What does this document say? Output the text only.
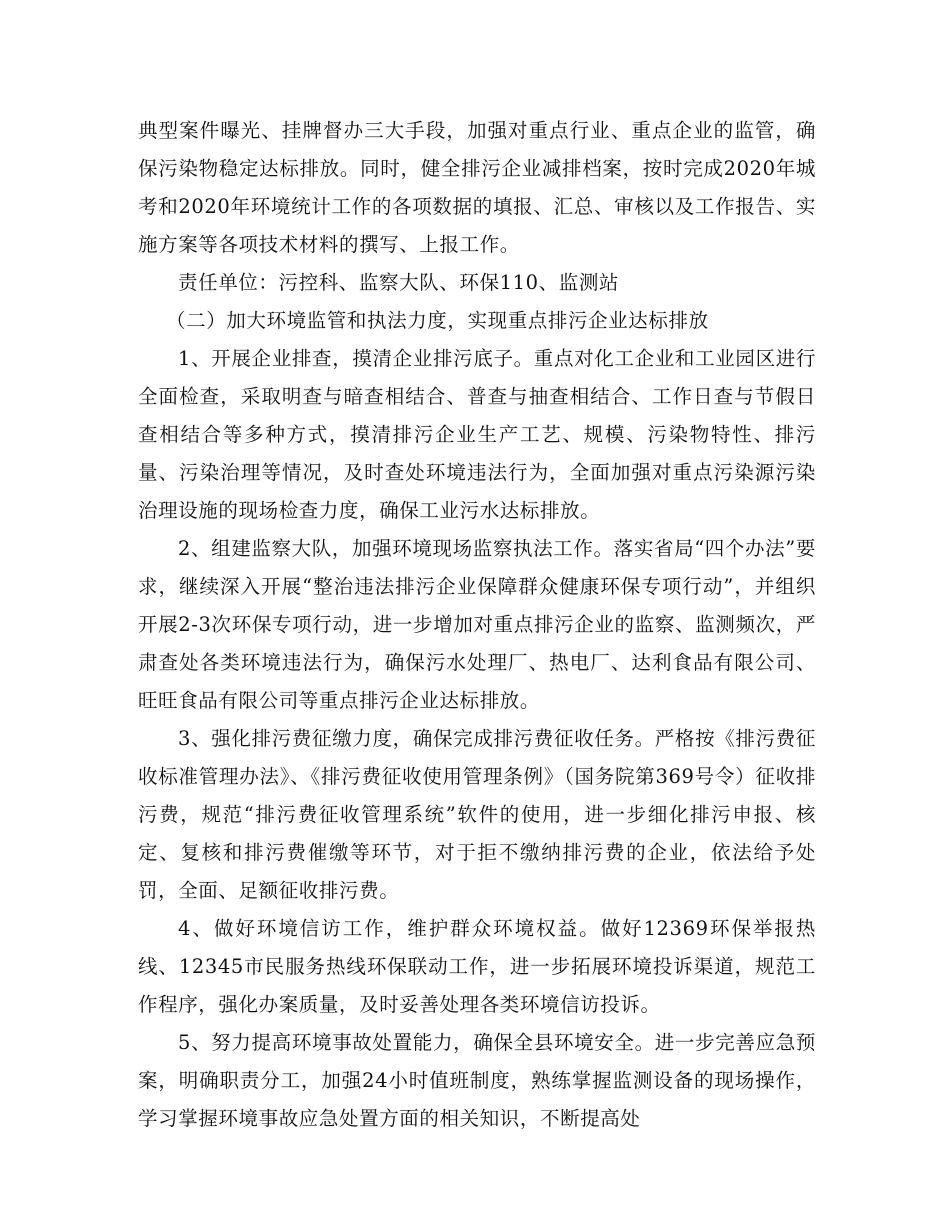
典型案件曝光、挂牌督办三大手段，加强对重点行业、重点企业的监管，确保污染物稳定达标排放。同时，健全排污企业减排档案，按时完成2020年城考和2020年环境统计工作的各项数据的填报、汇总、审核以及工作报告、实施方案等各项技术材料的撰写、上报工作。

责任单位：污控科、监察大队、环保110、监测站

（二）加大环境监管和执法力度，实现重点排污企业达标排放

1、开展企业排查，摸清企业排污底子。重点对化工企业和工业园区进行全面检查，采取明查与暗查相结合、普查与抽查相结合、工作日查与节假日查相结合等多种方式，摸清排污企业生产工艺、规模、污染物特性、排污量、污染治理等情况，及时查处环境违法行为，全面加强对重点污染源污染治理设施的现场检查力度，确保工业污水达标排放。

2、组建监察大队，加强环境现场监察执法工作。落实省局“四个办法”要求，继续深入开展“整治违法排污企业保障群众健康环保专项行动”，并组织开展2-3次环保专项行动，进一步增加对重点排污企业的监察、监测频次，严肃查处各类环境违法行为，确保污水处理厂、热电厂、达利食品有限公司、旺旺食品有限公司等重点排污企业达标排放。

3、强化排污费征缴力度，确保完成排污费征收任务。严格按《排污费征收标准管理办法》、《排污费征收使用管理条例》（国务院第369号令）征收排污费，规范“排污费征收管理系统”软件的使用，进一步细化排污申报、核定、复核和排污费催缴等环节，对于拒不缴纳排污费的企业，依法给予处罚，全面、足额征收排污费。

4、做好环境信访工作，维护群众环境权益。做好12369环保举报热线、12345市民服务热线环保联动工作，进一步拓展环境投诉渠道，规范工作程序，强化办案质量，及时妥善处理各类环境信访投诉。

5、努力提高环境事故处置能力，确保全县环境安全。进一步完善应急预案，明确职责分工，加强24小时值班制度，熟练掌握监测设备的现场操作，学习掌握环境事故应急处置方面的相关知识，不断提高处
